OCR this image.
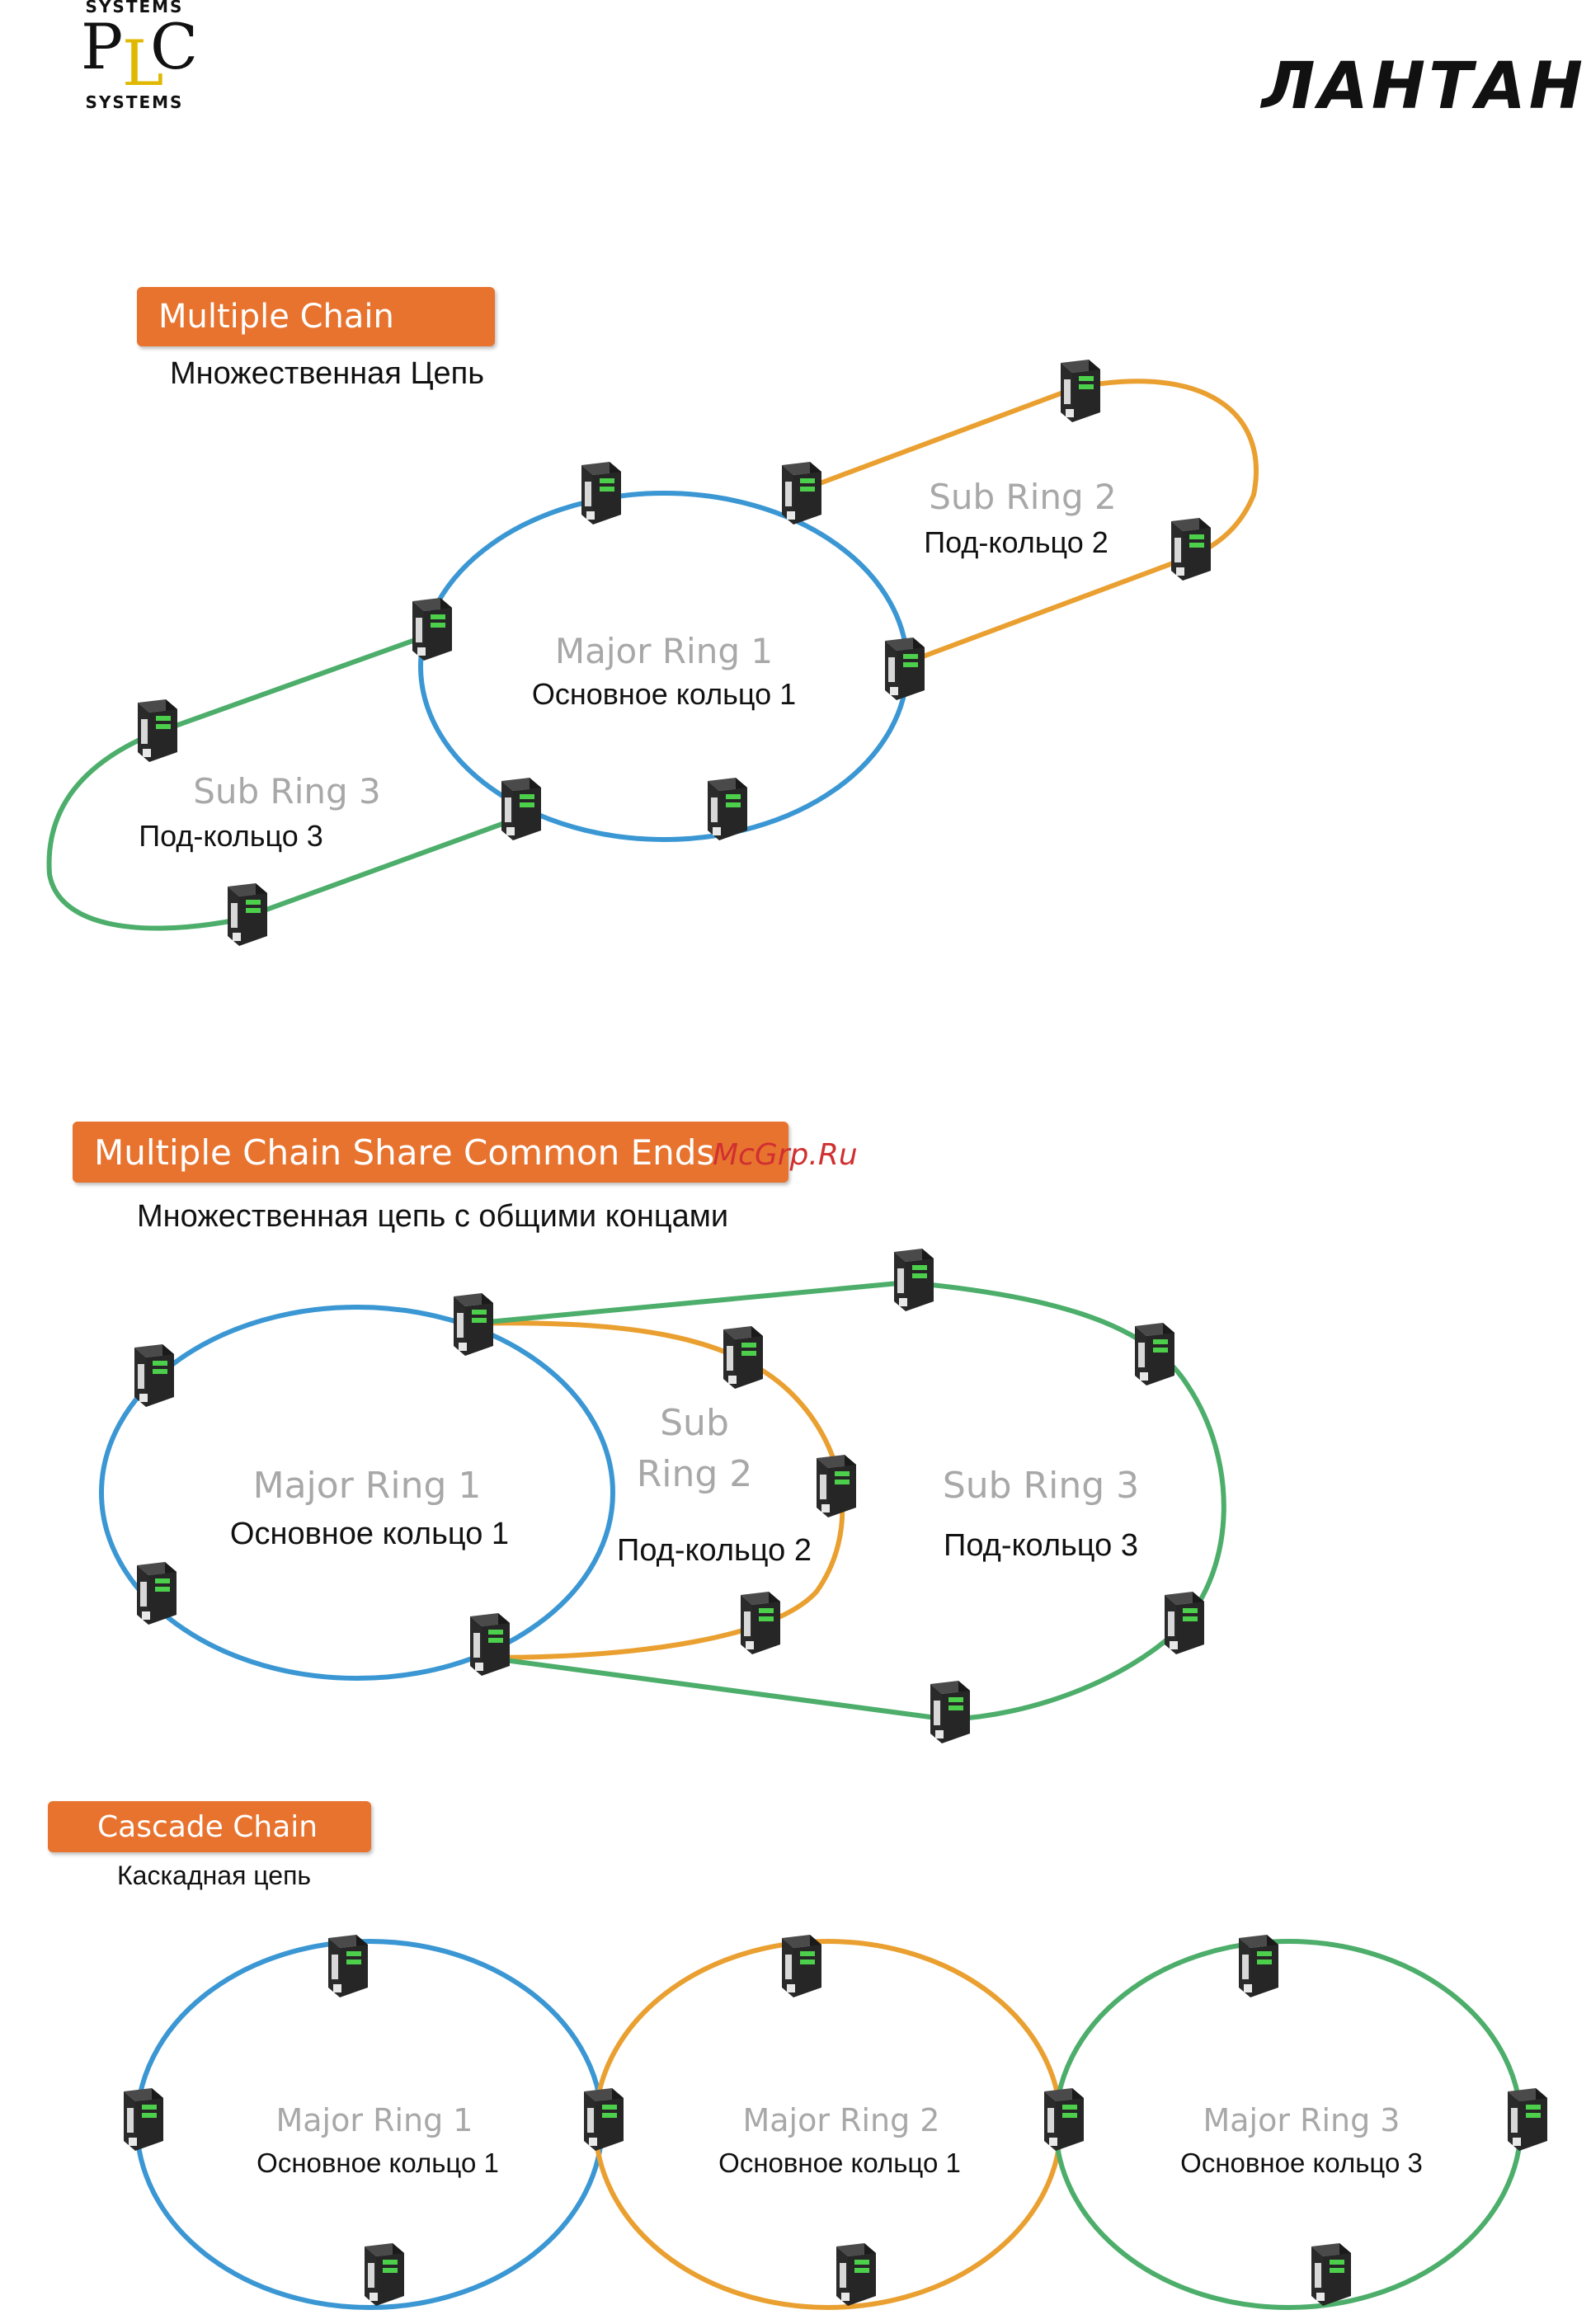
SYSTEMS
P
L
C
SYSTEMS	ЛАНТАН
Multiple Chain
Множественная Цепь
Multiple Chain Share Common Ends
McGrp.Ru
Множественная цепь с общими концами
Cascade Chain
Каскадная цепь
Major Ring 1
Основное кольцо 1
Sub Ring 2
Под-кольцо 2
Sub Ring 3
Под-кольцо 3
Major Ring 1
Основное кольцо 1
Sub
Ring 2
Под-кольцо 2
Sub Ring 3
Под-кольцо 3
Major Ring 1
Основное кольцо 1
Major Ring 2
Основное кольцо 1
Major Ring 3
Основное кольцо 3
